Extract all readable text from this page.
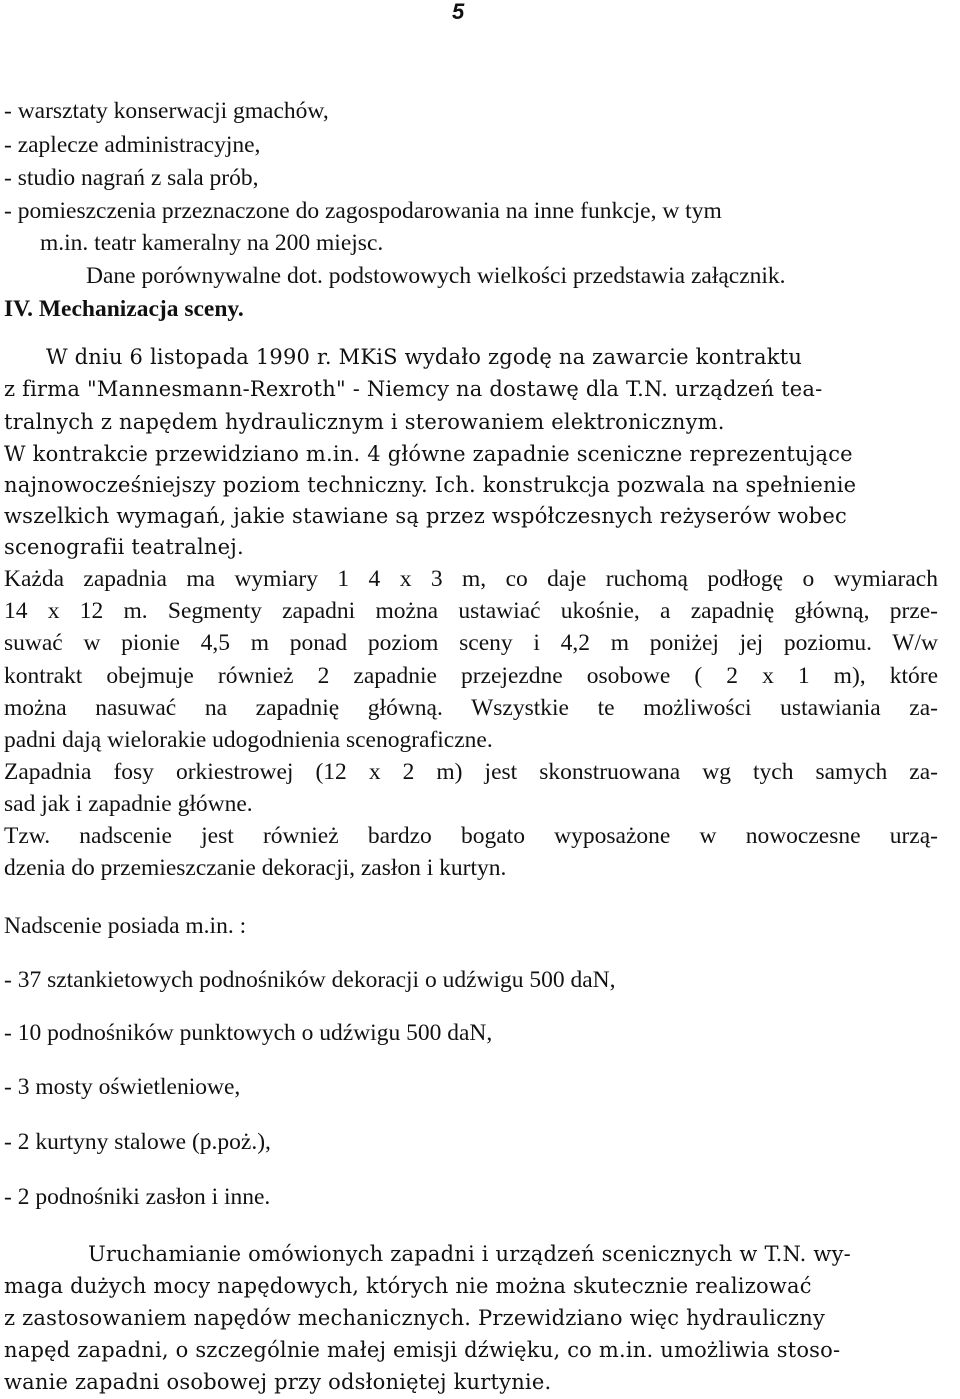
5
- warsztaty konserwacji gmachów,
- zaplecze administracyjne,
- studio nagrań z sala prób,
- pomieszczenia przeznaczone do zagospodarowania na inne funkcje, w tym
m.in. teatr kameralny na 200 miejsc.
Dane porównywalne dot. podstowowych wielkości przedstawia załącznik.
IV. Mechanizacja sceny.
W dniu 6 listopada 1990 r. MKiS wydało zgodę na zawarcie kontraktu
z firma "Mannesmann-Rexroth" - Niemcy na dostawę dla T.N. urządzeń tea-
tralnych z napędem hydraulicznym i sterowaniem elektronicznym.
W kontrakcie przewidziano m.in. 4 główne zapadnie sceniczne reprezentujące
najnowocześniejszy poziom techniczny. Ich. konstrukcja pozwala na spełnienie
wszelkich wymagań, jakie stawiane są przez współczesnych reżyserów wobec
scenografii teatralnej.
Każda zapadnia ma wymiary 1 4 x 3 m, co daje ruchomą podłogę o wymiarach
14 x 12 m. Segmenty zapadni można ustawiać ukośnie, a zapadnię główną, prze-
suwać w pionie 4,5 m ponad poziom sceny i 4,2 m poniżej jej poziomu. W/w
kontrakt obejmuje również 2 zapadnie przejezdne osobowe ( 2 x 1 m), które
można nasuwać na zapadnię główną. Wszystkie te możliwości ustawiania za-
padni dają wielorakie udogodnienia scenograficzne.
Zapadnia fosy orkiestrowej (12 x 2 m) jest skonstruowana wg tych samych za-
sad jak i zapadnie główne.
Tzw. nadscenie jest również bardzo bogato wyposażone w nowoczesne urzą-
dzenia do przemieszczanie dekoracji, zasłon i kurtyn.
Nadscenie posiada m.in. :
- 37 sztankietowych podnośników dekoracji o udźwigu 500 daN,
- 10 podnośników punktowych o udźwigu 500 daN,
- 3 mosty oświetleniowe,
- 2 kurtyny stalowe (p.poż.),
- 2 podnośniki zasłon i inne.
Uruchamianie omówionych zapadni i urządzeń scenicznych w T.N. wy-
maga dużych mocy napędowych, których nie można skutecznie realizować
z zastosowaniem napędów mechanicznych. Przewidziano więc hydrauliczny
napęd zapadni, o szczególnie małej emisji dźwięku, co m.in. umożliwia stoso-
wanie zapadni osobowej przy odsłoniętej kurtynie.
